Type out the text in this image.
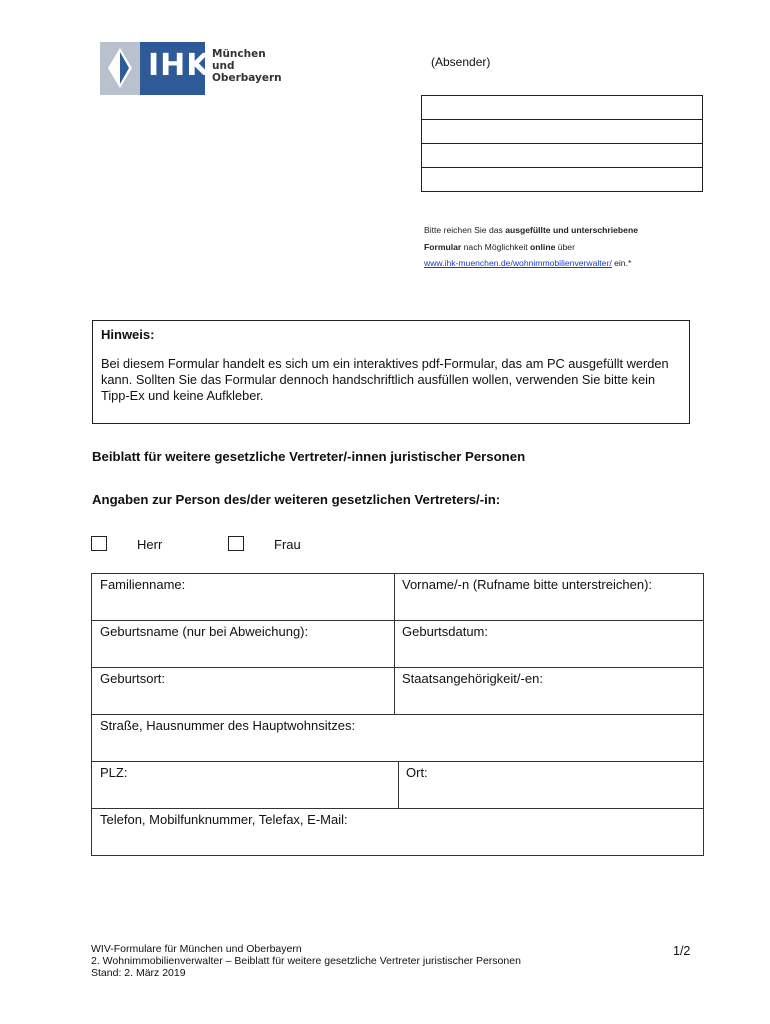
IHK München und
Oberbayern
(Absender)
Bitte reichen Sie das ausgefüllte und unterschriebene
Formular nach Möglichkeit online über
www.ihk-muenchen.de/wohnimmobilienverwalter/ ein.*
Hinweis:
Bei diesem Formular handelt es sich um ein interaktives pdf-Formular, das am PC ausgefüllt werden kann. Sollten Sie das Formular dennoch handschriftlich ausfüllen wollen, verwenden Sie bitte kein Tipp-Ex und keine Aufkleber.
Beiblatt für weitere gesetzliche Vertreter/-innen juristischer Personen
Angaben zur Person des/der weiteren gesetzlichen Vertreters/-in:
Herr	Frau
Familienname:	Vorname/-n (Rufname bitte unterstreichen):
Geburtsname (nur bei Abweichung):	Geburtsdatum:
Geburtsort:	Staatsangehörigkeit/-en:
Straße, Hausnummer des Hauptwohnsitzes:
PLZ:	Ort:
Telefon, Mobilfunknummer, Telefax, E-Mail:
WIV-Formulare für München und Oberbayern
2. Wohnimmobilienverwalter – Beiblatt für weitere gesetzliche Vertreter juristischer Personen
Stand: 2. März 2019
1/2
